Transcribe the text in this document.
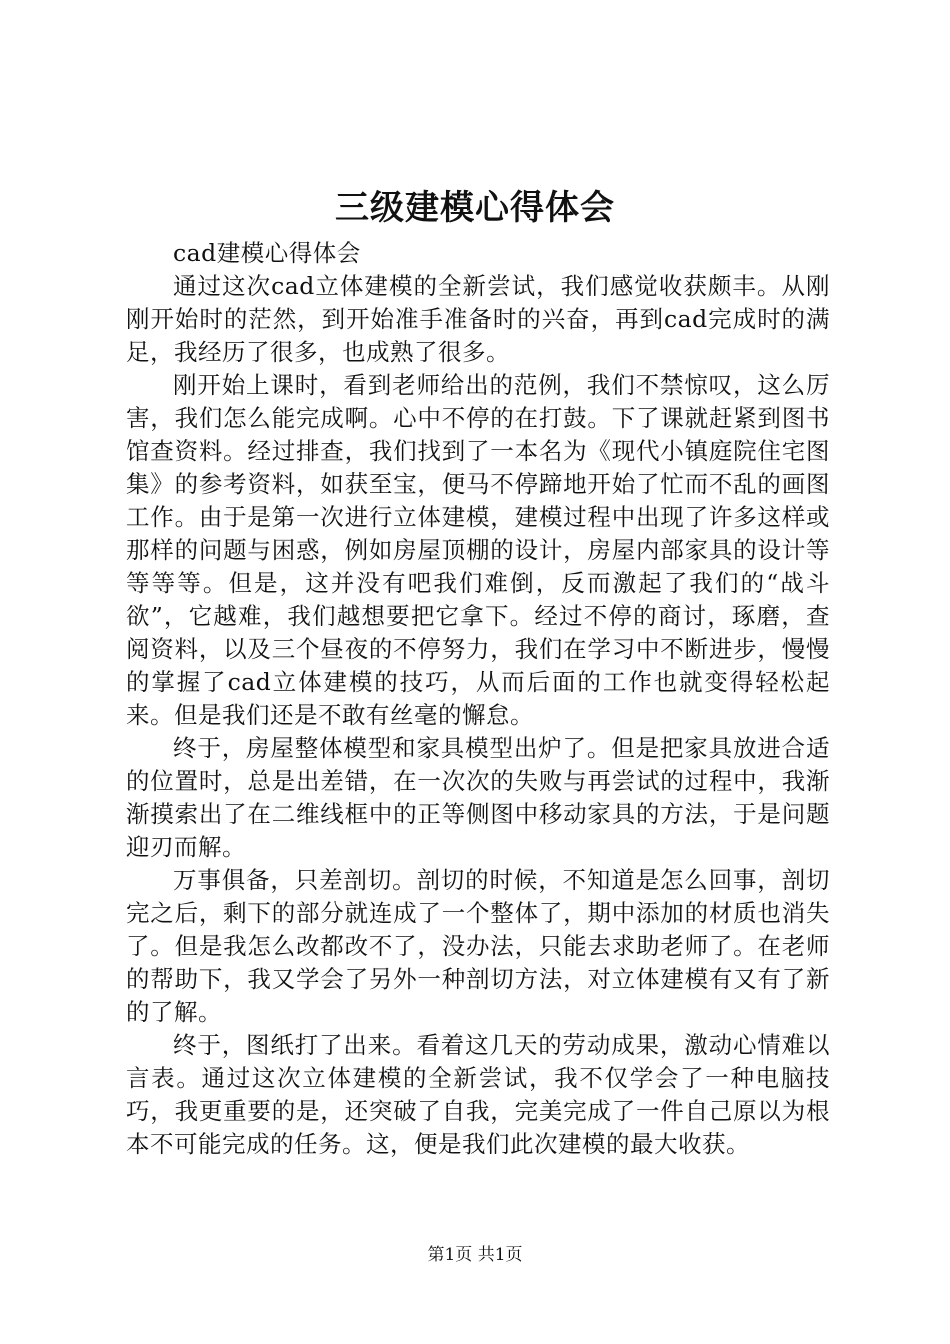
三级建模心得体会

cad建模心得体会

通过这次cad立体建模的全新尝试，我们感觉收获颇丰。从刚刚开始时的茫然，到开始准手准备时的兴奋，再到cad完成时的满足，我经历了很多，也成熟了很多。

刚开始上课时，看到老师给出的范例，我们不禁惊叹，这么厉害，我们怎么能完成啊。心中不停的在打鼓。下了课就赶紧到图书馆查资料。经过排查，我们找到了一本名为《现代小镇庭院住宅图集》的参考资料，如获至宝，便马不停蹄地开始了忙而不乱的画图工作。由于是第一次进行立体建模，建模过程中出现了许多这样或那样的问题与困惑，例如房屋顶棚的设计，房屋内部家具的设计等等等等。但是，这并没有吧我们难倒，反而激起了我们的“战斗欲”，它越难，我们越想要把它拿下。经过不停的商讨，琢磨，查阅资料，以及三个昼夜的不停努力，我们在学习中不断进步，慢慢的掌握了cad立体建模的技巧，从而后面的工作也就变得轻松起来。但是我们还是不敢有丝毫的懈怠。

终于，房屋整体模型和家具模型出炉了。但是把家具放进合适的位置时，总是出差错，在一次次的失败与再尝试的过程中，我渐渐摸索出了在二维线框中的正等侧图中移动家具的方法，于是问题迎刃而解。

万事俱备，只差剖切。剖切的时候，不知道是怎么回事，剖切完之后，剩下的部分就连成了一个整体了，期中添加的材质也消失了。但是我怎么改都改不了，没办法，只能去求助老师了。在老师的帮助下，我又学会了另外一种剖切方法，对立体建模有又有了新的了解。

终于，图纸打了出来。看着这几天的劳动成果，激动心情难以言表。通过这次立体建模的全新尝试，我不仅学会了一种电脑技巧，我更重要的是，还突破了自我，完美完成了一件自己原以为根本不可能完成的任务。这，便是我们此次建模的最大收获。

第1页 共1页
